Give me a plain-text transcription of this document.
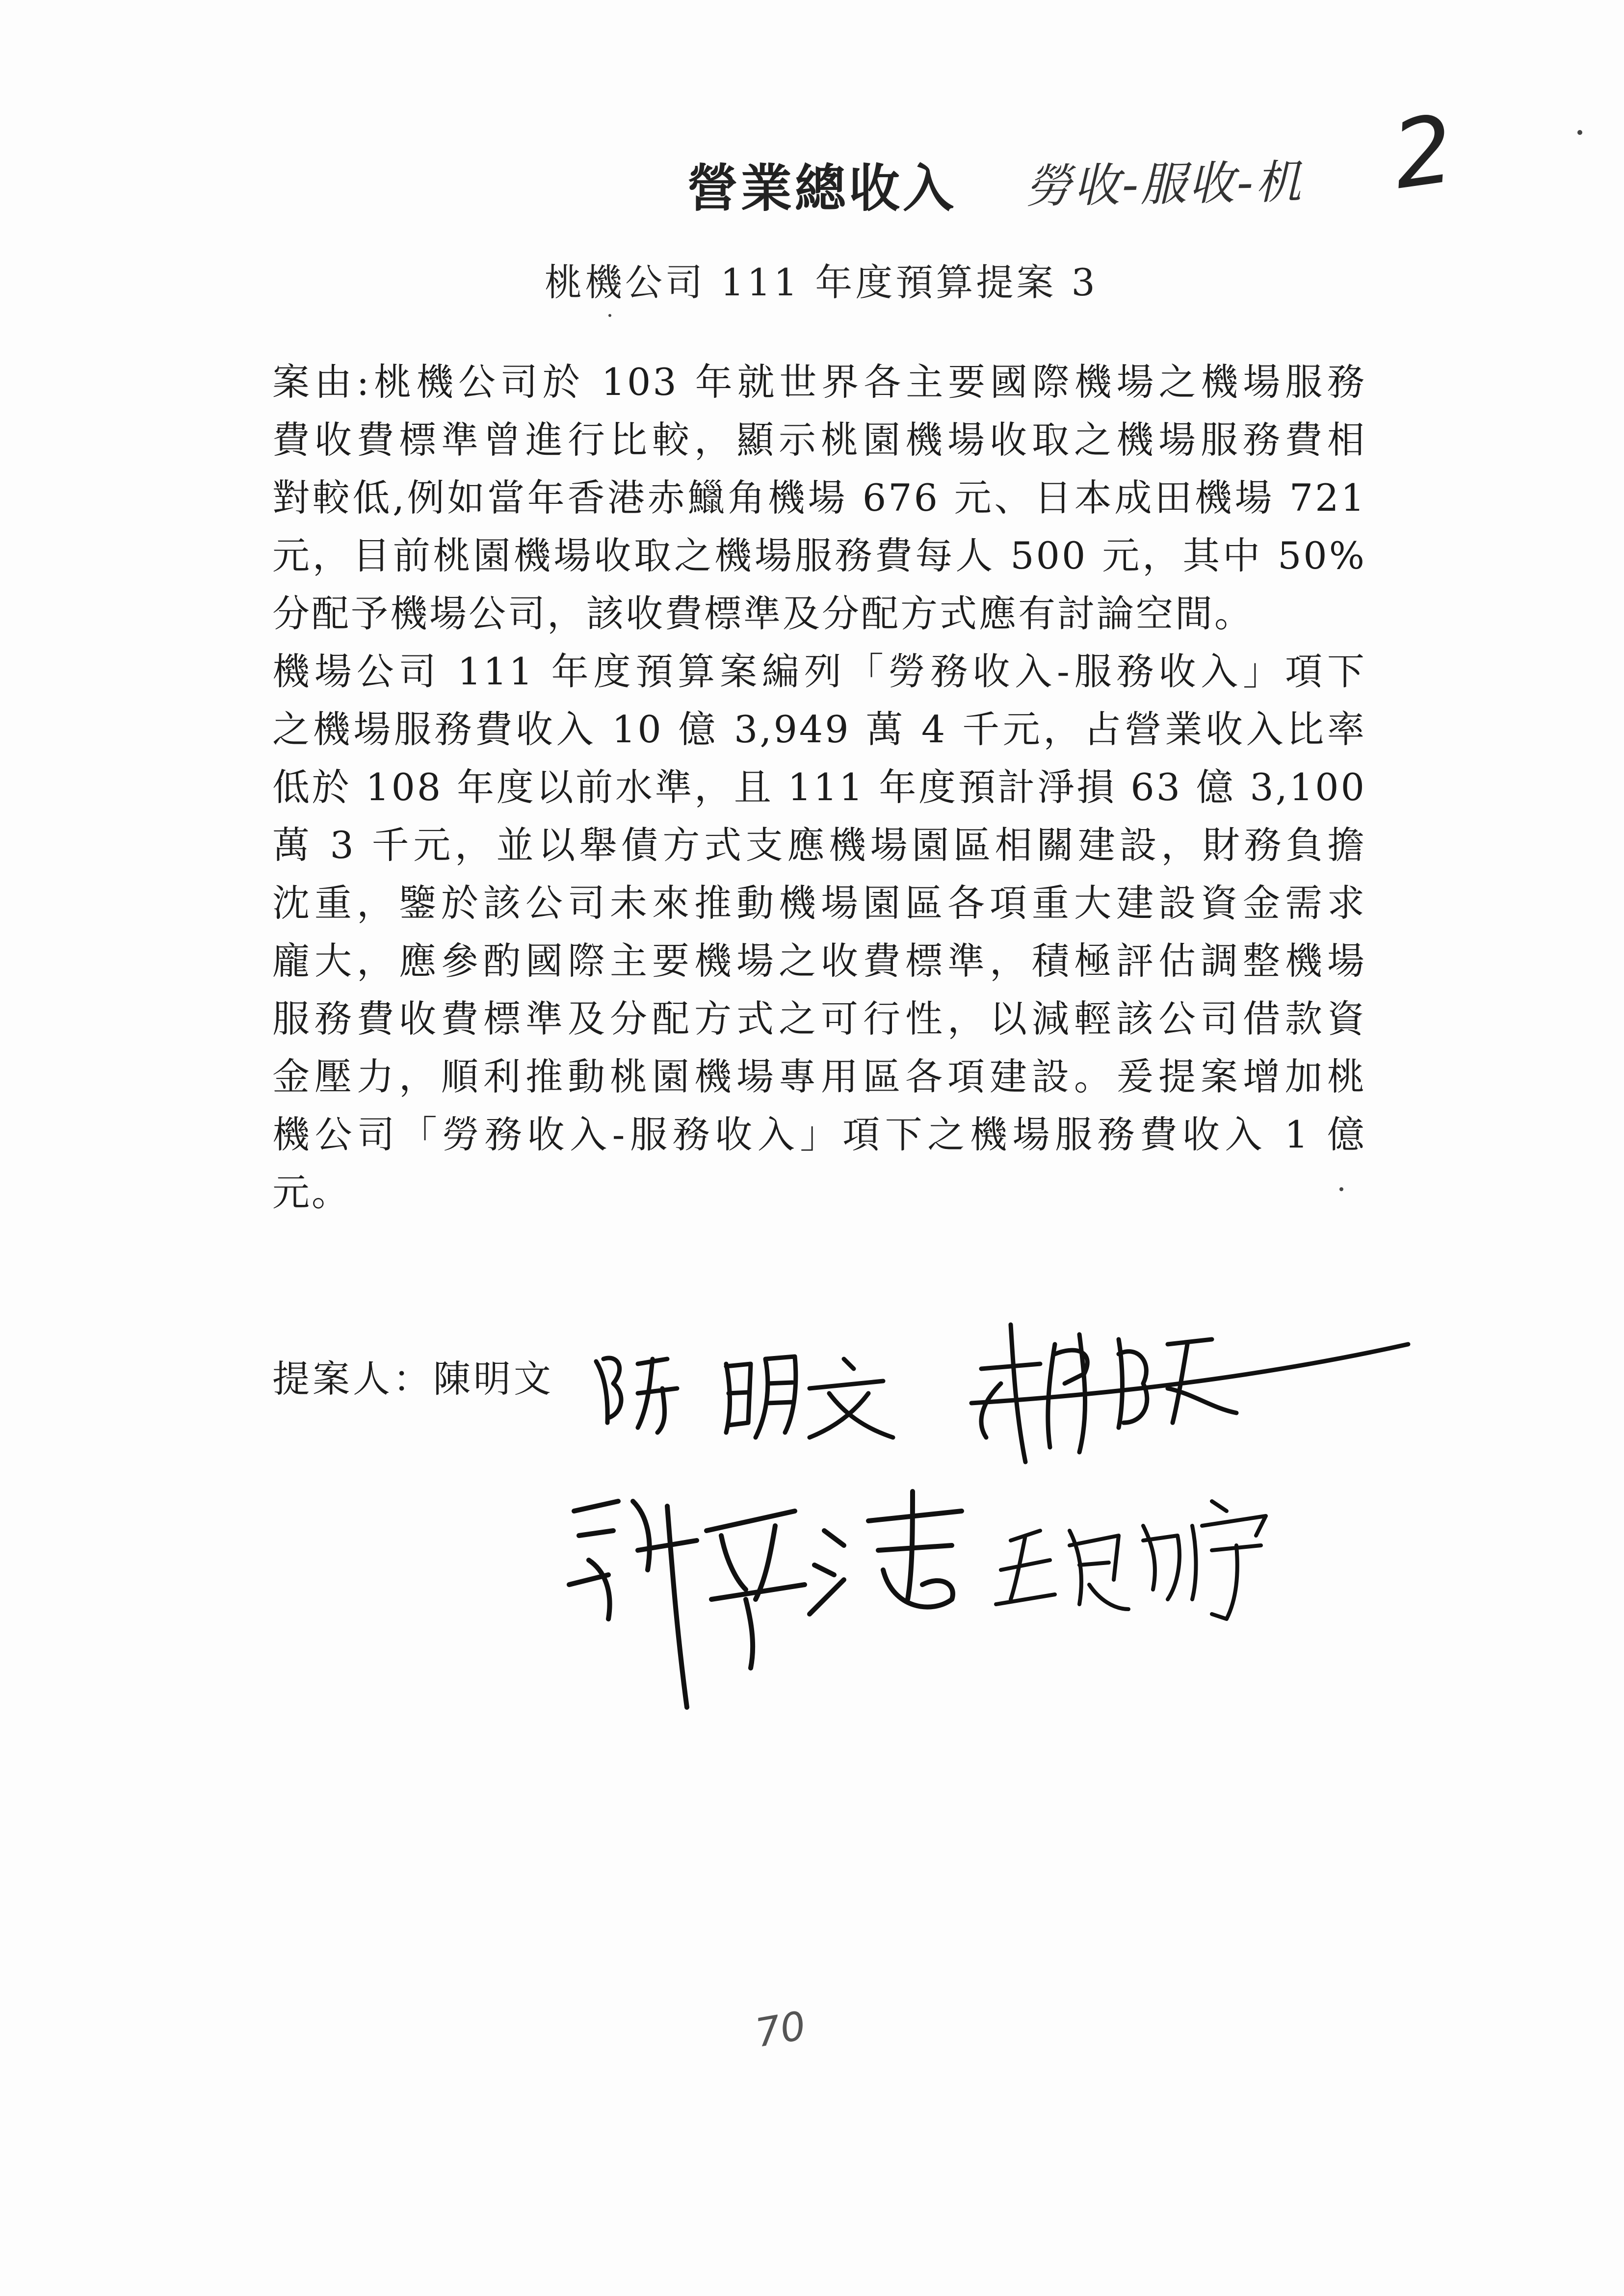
營業總收入 勞收-服收-机 2
桃機公司 111 年度預算提案 3
案由:桃機公司於 103 年就世界各主要國際機場之機場服務
費收費標準曾進行比較，顯示桃園機場收取之機場服務費相
對較低,例如當年香港赤鱲角機場 676 元、日本成田機場 721
元，目前桃園機場收取之機場服務費每人 500 元，其中 50%
分配予機場公司，該收費標準及分配方式應有討論空間。
機場公司 111 年度預算案編列「勞務收入-服務收入」項下
之機場服務費收入 10 億 3,949 萬 4 千元，占營業收入比率
低於 108 年度以前水準，且 111 年度預計淨損 63 億 3,100
萬 3 千元，並以舉債方式支應機場園區相關建設，財務負擔
沈重，鑒於該公司未來推動機場園區各項重大建設資金需求
龐大，應參酌國際主要機場之收費標準，積極評估調整機場
服務費收費標準及分配方式之可行性，以減輕該公司借款資
金壓力，順利推動桃園機場專用區各項建設。爰提案增加桃
機公司「勞務收入-服務收入」項下之機場服務費收入 1 億
元。
提案人：陳明文
70
